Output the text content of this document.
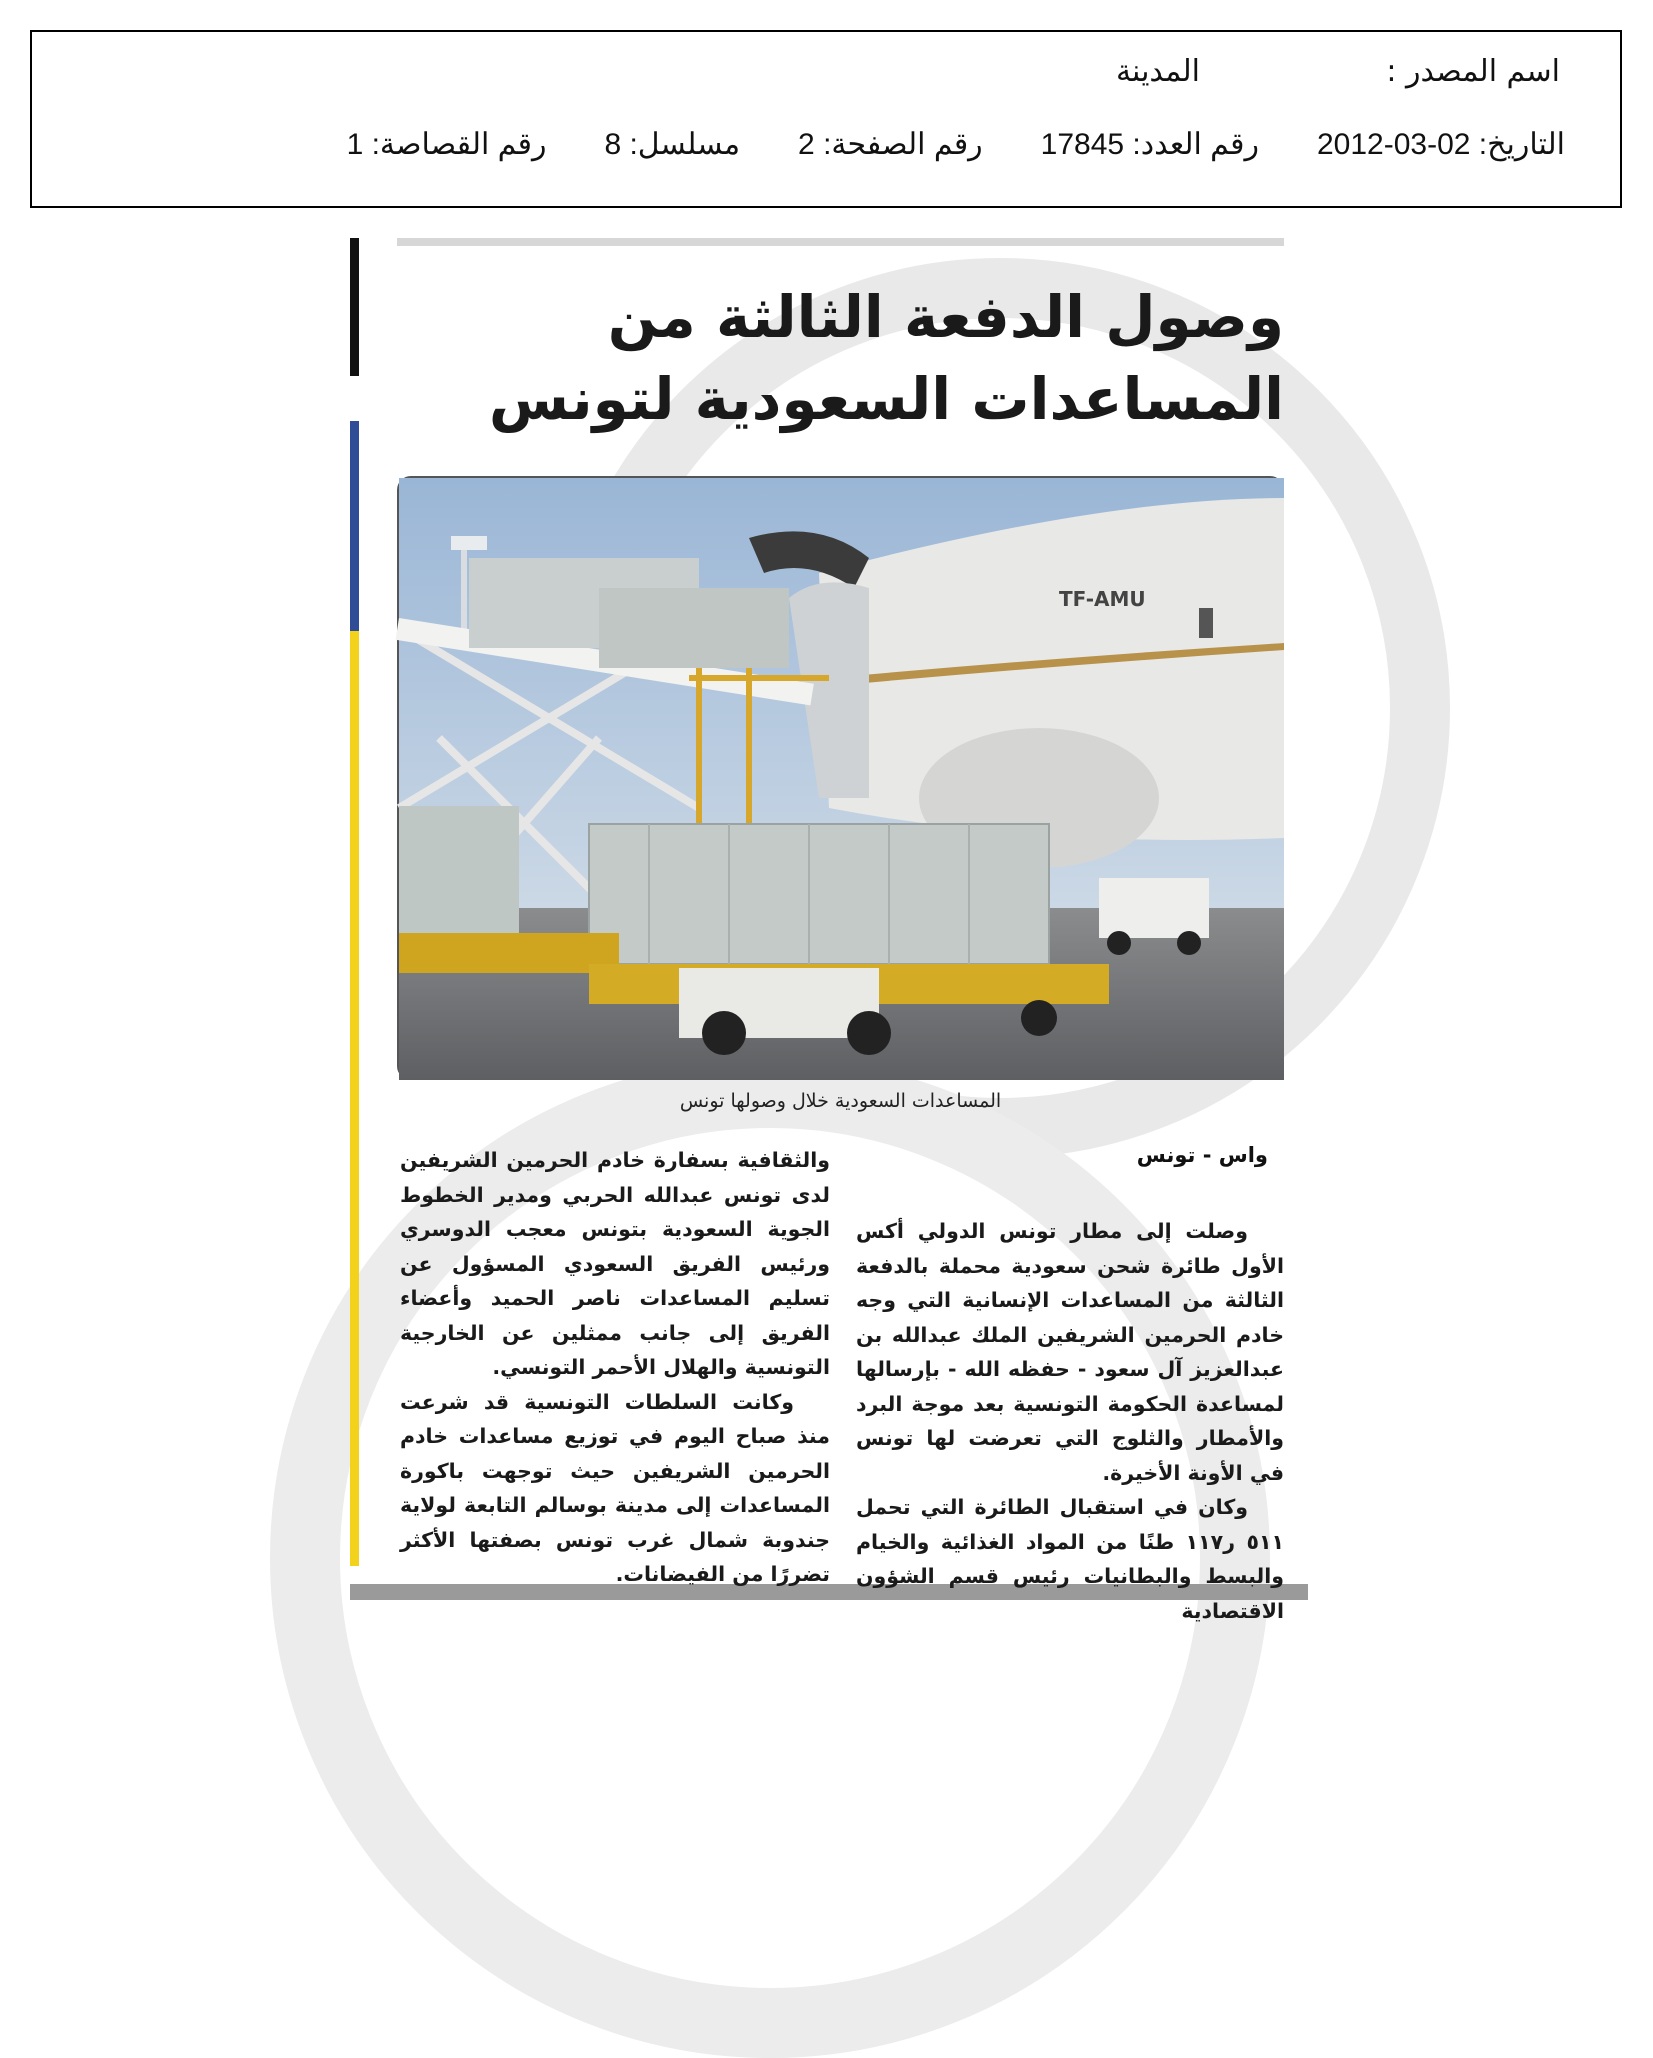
اسم المصدر :
المدينة
التاريخ: 02-03-2012
رقم العدد: 17845
رقم الصفحة: 2
مسلسل: 8
رقم القصاصة: 1
وصول الدفعة الثالثة من المساعدات السعودية لتونس
TF-AMU
المساعدات السعودية خلال وصولها تونس
واس - تونس

وصلت إلى مطار تونس الدولي أكس الأول طائرة شحن سعودية محملة بالدفعة الثالثة من المساعدات الإنسانية التي وجه خادم الحرمين الشريفين الملك عبدالله بن عبدالعزيز آل سعود - حفظه الله - بإرسالها لمساعدة الحكومة التونسية بعد موجة البرد والأمطار والثلوج التي تعرضت لها تونس في الأونة الأخيرة.

وكان في استقبال الطائرة التي تحمل ٥١١ ر١١٧ طنًا من المواد الغذائية والخيام والبسط والبطانيات رئيس قسم الشؤون الاقتصادية

والثقافية بسفارة خادم الحرمين الشريفين لدى تونس عبدالله الحربي ومدير الخطوط الجوية السعودية بتونس معجب الدوسري ورئيس الفريق السعودي المسؤول عن تسليم المساعدات ناصر الحميد وأعضاء الفريق إلى جانب ممثلين عن الخارجية التونسية والهلال الأحمر التونسي.

وكانت السلطات التونسية قد شرعت منذ صباح اليوم في توزيع مساعدات خادم الحرمين الشريفين حيث توجهت باكورة المساعدات إلى مدينة بوسالم التابعة لولاية جندوبة شمال غرب تونس بصفتها الأكثر تضررًا من الفيضانات.
